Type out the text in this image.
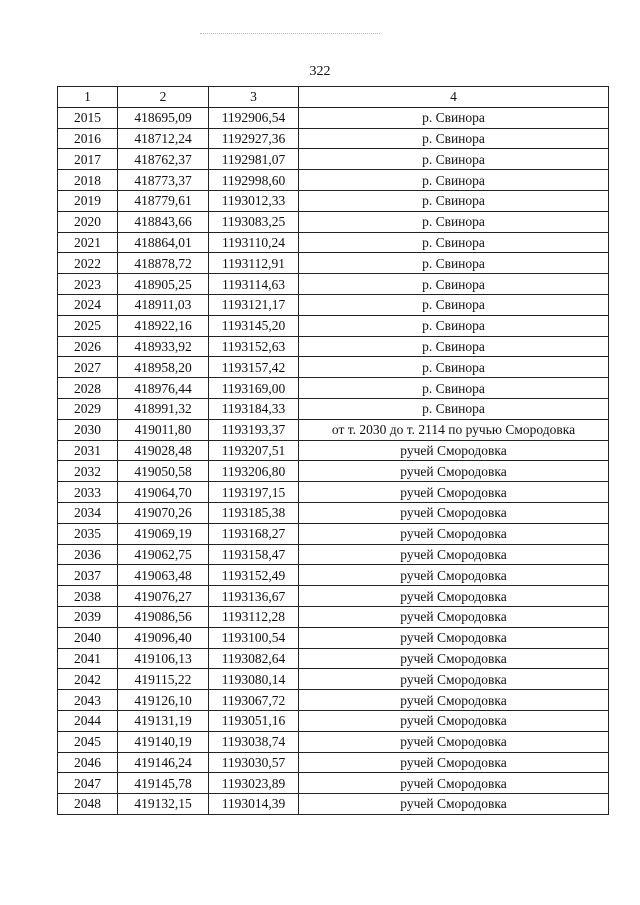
322
1	2	3	4
2015	418695,09	1192906,54	р. Свинора
2016	418712,24	1192927,36	р. Свинора
2017	418762,37	1192981,07	р. Свинора
2018	418773,37	1192998,60	р. Свинора
2019	418779,61	1193012,33	р. Свинора
2020	418843,66	1193083,25	р. Свинора
2021	418864,01	1193110,24	р. Свинора
2022	418878,72	1193112,91	р. Свинора
2023	418905,25	1193114,63	р. Свинора
2024	418911,03	1193121,17	р. Свинора
2025	418922,16	1193145,20	р. Свинора
2026	418933,92	1193152,63	р. Свинора
2027	418958,20	1193157,42	р. Свинора
2028	418976,44	1193169,00	р. Свинора
2029	418991,32	1193184,33	р. Свинора
2030	419011,80	1193193,37	от т. 2030 до т. 2114 по ручью Смородовка
2031	419028,48	1193207,51	ручей Смородовка
2032	419050,58	1193206,80	ручей Смородовка
2033	419064,70	1193197,15	ручей Смородовка
2034	419070,26	1193185,38	ручей Смородовка
2035	419069,19	1193168,27	ручей Смородовка
2036	419062,75	1193158,47	ручей Смородовка
2037	419063,48	1193152,49	ручей Смородовка
2038	419076,27	1193136,67	ручей Смородовка
2039	419086,56	1193112,28	ручей Смородовка
2040	419096,40	1193100,54	ручей Смородовка
2041	419106,13	1193082,64	ручей Смородовка
2042	419115,22	1193080,14	ручей Смородовка
2043	419126,10	1193067,72	ручей Смородовка
2044	419131,19	1193051,16	ручей Смородовка
2045	419140,19	1193038,74	ручей Смородовка
2046	419146,24	1193030,57	ручей Смородовка
2047	419145,78	1193023,89	ручей Смородовка
2048	419132,15	1193014,39	ручей Смородовка
